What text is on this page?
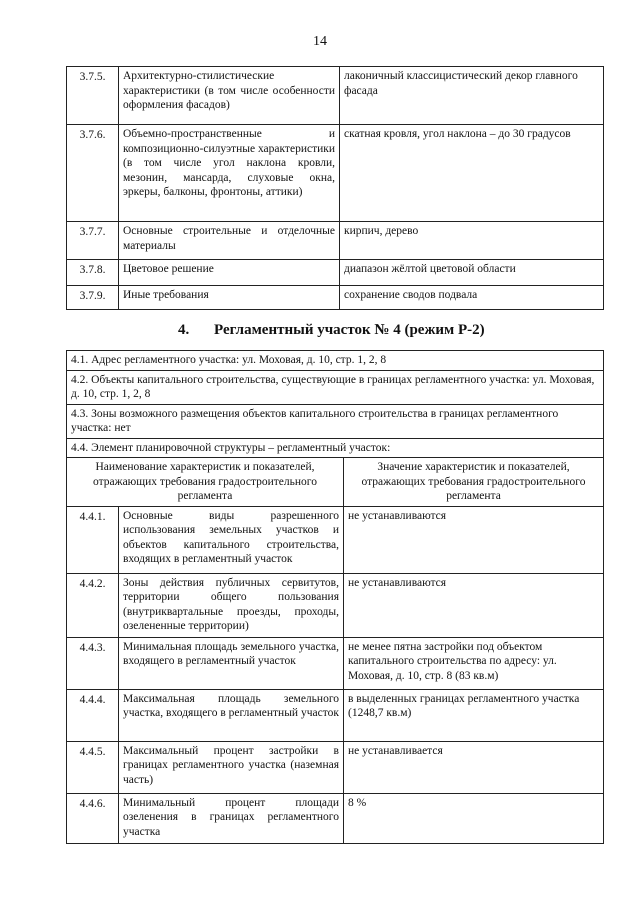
14
3.7.5.	Архитектурно-стилистические характеристики (в том числе особенности оформления фасадов)	лаконичный классицистический декор главного фасада
3.7.6.	Объемно-пространственные и композиционно-силуэтные характеристики (в том числе угол наклона кровли, мезонин, мансарда, слуховые окна, эркеры, балконы, фронтоны, аттики)	скатная кровля, угол наклона – до 30 градусов
3.7.7.	Основные строительные и отделочные материалы	кирпич, дерево
3.7.8.	Цветовое решение	диапазон жёлтой цветовой области
3.7.9.	Иные требования	сохранение сводов подвала
4. Регламентный участок № 4 (режим Р-2)
4.1. Адрес регламентного участка: ул. Моховая, д. 10, стр. 1, 2, 8		
4.2. Объекты капитального строительства, существующие в границах регламентного участка: ул. Моховая, д. 10, стр. 1, 2, 8		
4.3. Зоны возможного размещения объектов капитального строительства в границах регламентного участка: нет		
4.4. Элемент планировочной структуры – регламентный участок:		
Наименование характеристик и показателей, отражающих требования градостроительного регламента		Значение характеристик и показателей, отражающих требования градостроительного регламента
4.4.1.	Основные виды разрешенного использования земельных участков и объектов капитального строительства, входящих в регламентный участок	не устанавливаются
4.4.2.	Зоны действия публичных сервитутов, территории общего пользования (внутриквартальные проезды, проходы, озелененные территории)	не устанавливаются
4.4.3.	Минимальная площадь земельного участка, входящего в регламентный участок	не менее пятна застройки под объектом капитального строительства по адресу: ул. Моховая, д. 10, стр. 8 (83 кв.м)
4.4.4.	Максимальная площадь земельного участка, входящего в регламентный участок	в выделенных границах регламентного участка (1248,7 кв.м)
4.4.5.	Максимальный процент застройки в границах регламентного участка (наземная часть)	не устанавливается
4.4.6.	Минимальный процент площади озеленения в границах регламентного участка	8 %
